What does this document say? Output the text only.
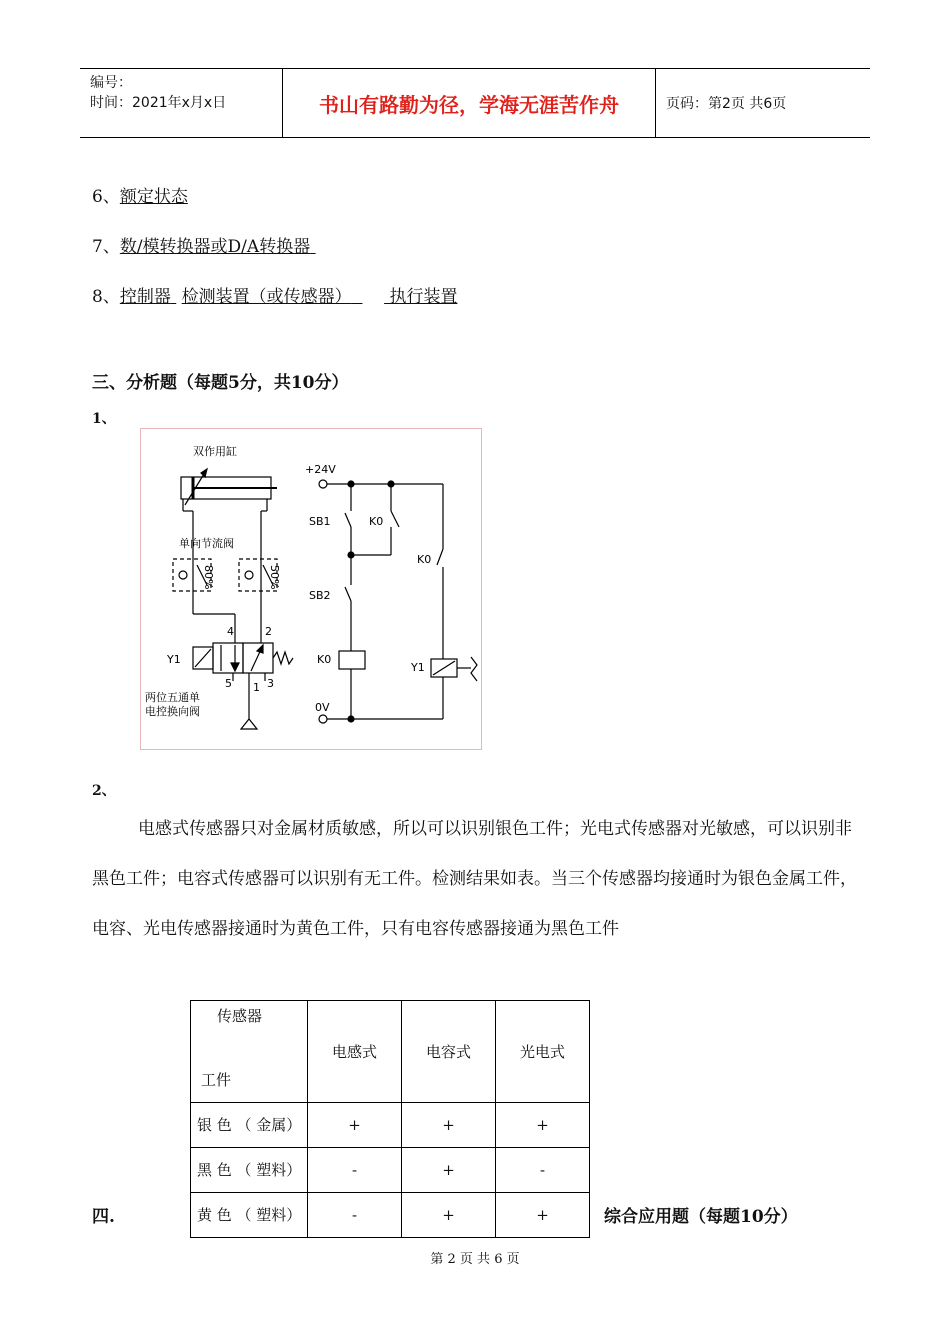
编号：
时间：2021年x月x日	书山有路勤为径，学海无涯苦作舟	页码：第2页 共6页
6、额定状态
7、数/模转换器或D/A转换器
8、控制器 检测装置（或传感器） 执行装置
三、分析题（每题5分，共10分）
1、
双作用缸
单向节流阀
80%	50%
4	2
Y1
5 1 3
两位五通单
电控换向阀
+24V
SB1	K0
K0
SB2
K0
Y1
0V
2、
电感式传感器只对金属材质敏感，所以可以识别银色工件；光电式传感器对光敏感，可以识别非黑色工件；电容式传感器可以识别有无工件。检测结果如表。当三个传感器均接通时为银色金属工件，电容、光电传感器接通时为黄色工件，只有电容传感器接通为黑色工件
传感器
工件	电感式	电容式	光电式
银 色 （ 金属）	+	+	+
黑 色 （ 塑料）	-	+	-
黄 色 （ 塑料）	-	+	+
四.	综合应用题（每题10分）
第 2 页 共 6 页
